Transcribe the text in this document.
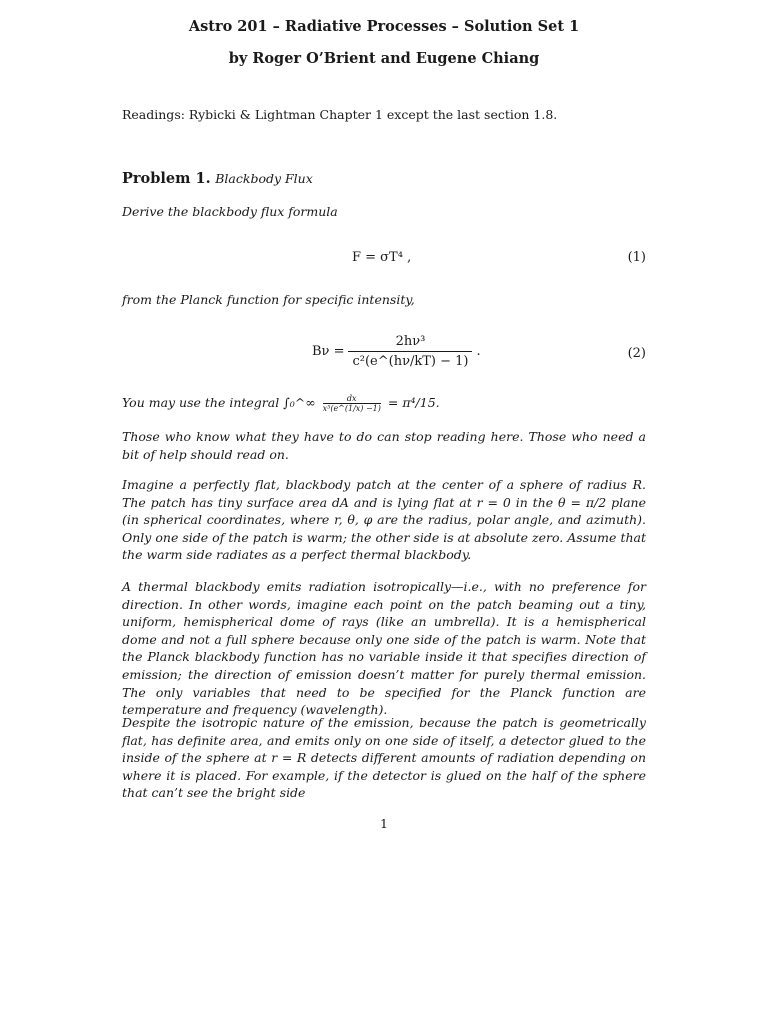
Astro 201 – Radiative Processes – Solution Set 1
by Roger O’Brient and Eugene Chiang
Readings: Rybicki & Lightman Chapter 1 except the last section 1.8.
Problem 1. Blackbody Flux
Derive the blackbody flux formula
F = σT⁴ ,	(1)
from the Planck function for specific intensity,
$B\nu = \frac{\text{2hν³}}{\text{c²(e\textasciicircum{}(hν/kT) − 1)}}$ .	(2)
You may use the integral ∫₀^∞ $\frac{dx}{\text{x⁵(e\textasciicircum{}(1/x) −1)}} = \pi^4/15$.
Those who know what they have to do can stop reading here. Those who need a bit of help should read on.
Imagine a perfectly flat, blackbody patch at the center of a sphere of radius R. The patch has tiny surface area dA and is lying flat at r = 0 in the θ = π/2 plane (in spherical coordinates, where r, θ, φ are the radius, polar angle, and azimuth). Only one side of the patch is warm; the other side is at absolute zero. Assume that the warm side radiates as a perfect thermal blackbody.
A thermal blackbody emits radiation isotropically—i.e., with no preference for direction. In other words, imagine each point on the patch beaming out a tiny, uniform, hemispherical dome of rays (like an umbrella). It is a hemispherical dome and not a full sphere because only one side of the patch is warm. Note that the Planck blackbody function has no variable inside it that specifies direction of emission; the direction of emission doesn’t matter for purely thermal emission. The only variables that need to be specified for the Planck function are temperature and frequency (wavelength).
Despite the isotropic nature of the emission, because the patch is geometrically flat, has definite area, and emits only on one side of itself, a detector glued to the inside of the sphere at r = R detects different amounts of radiation depending on where it is placed. For example, if the detector is glued on the half of the sphere that can’t see the bright side
1
